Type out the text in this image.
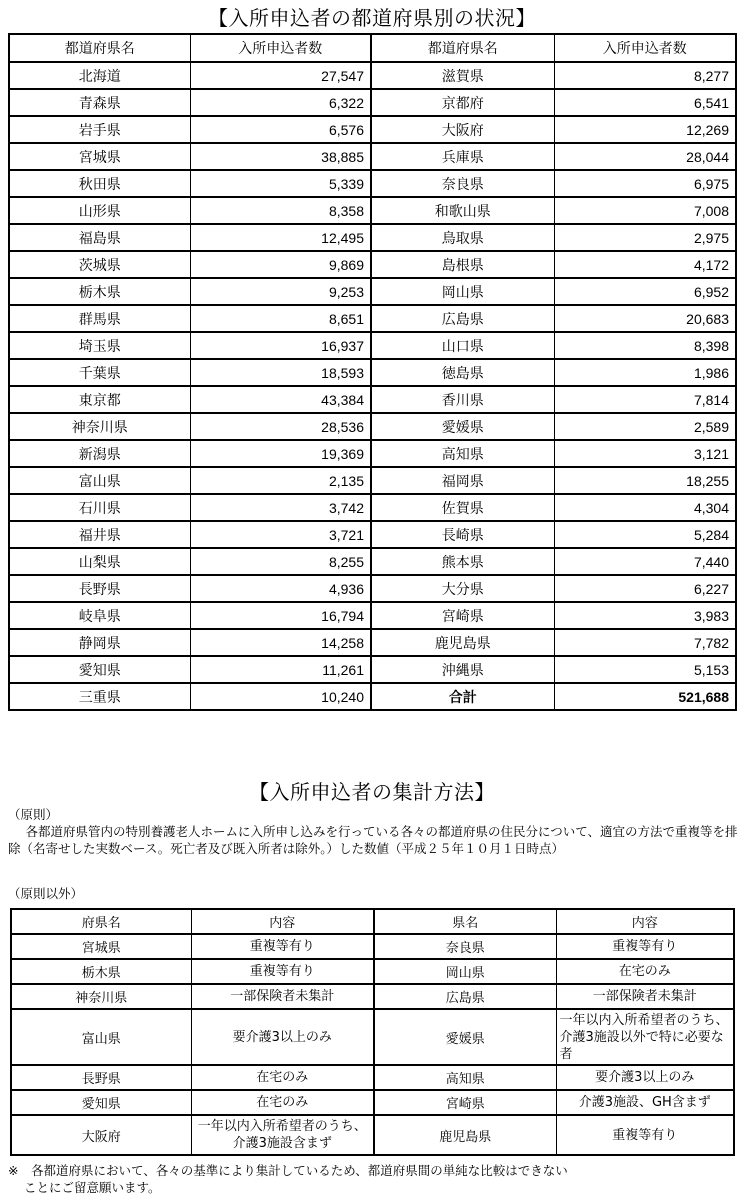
【入所申込者の都道府県別の状況】
都道府県名	入所申込者数	都道府県名	入所申込者数
北海道	27,547	滋賀県	8,277
青森県	6,322	京都府	6,541
岩手県	6,576	大阪府	12,269
宮城県	38,885	兵庫県	28,044
秋田県	5,339	奈良県	6,975
山形県	8,358	和歌山県	7,008
福島県	12,495	鳥取県	2,975
茨城県	9,869	島根県	4,172
栃木県	9,253	岡山県	6,952
群馬県	8,651	広島県	20,683
埼玉県	16,937	山口県	8,398
千葉県	18,593	徳島県	1,986
東京都	43,384	香川県	7,814
神奈川県	28,536	愛媛県	2,589
新潟県	19,369	高知県	3,121
富山県	2,135	福岡県	18,255
石川県	3,742	佐賀県	4,304
福井県	3,721	長崎県	5,284
山梨県	8,255	熊本県	7,440
長野県	4,936	大分県	6,227
岐阜県	16,794	宮崎県	3,983
静岡県	14,258	鹿児島県	7,782
愛知県	11,261	沖縄県	5,153
三重県	10,240	合計	521,688
【入所申込者の集計方法】
（原則）
各都道府県管内の特別養護老人ホームに入所申し込みを行っている各々の都道府県の住民分について、適宜の方法で重複等を排除（名寄せした実数ベース。死亡者及び既入所者は除外。）した数値（平成２５年１０月１日時点）
（原則以外）
府県名	内容	県名	内容
宮城県	重複等有り	奈良県	重複等有り
栃木県	重複等有り	岡山県	在宅のみ
神奈川県	一部保険者未集計	広島県	一部保険者未集計
富山県	要介護3以上のみ	愛媛県	一年以内入所希望者のうち、介護3施設以外で特に必要な者
長野県	在宅のみ	高知県	要介護3以上のみ
愛知県	在宅のみ	宮崎県	介護3施設、GH含まず
大阪府	一年以内入所希望者のうち、介護3施設含まず	鹿児島県	重複等有り
※　各都道府県において、各々の基準により集計しているため、都道府県間の単純な比較はできない
ことにご留意願います。
